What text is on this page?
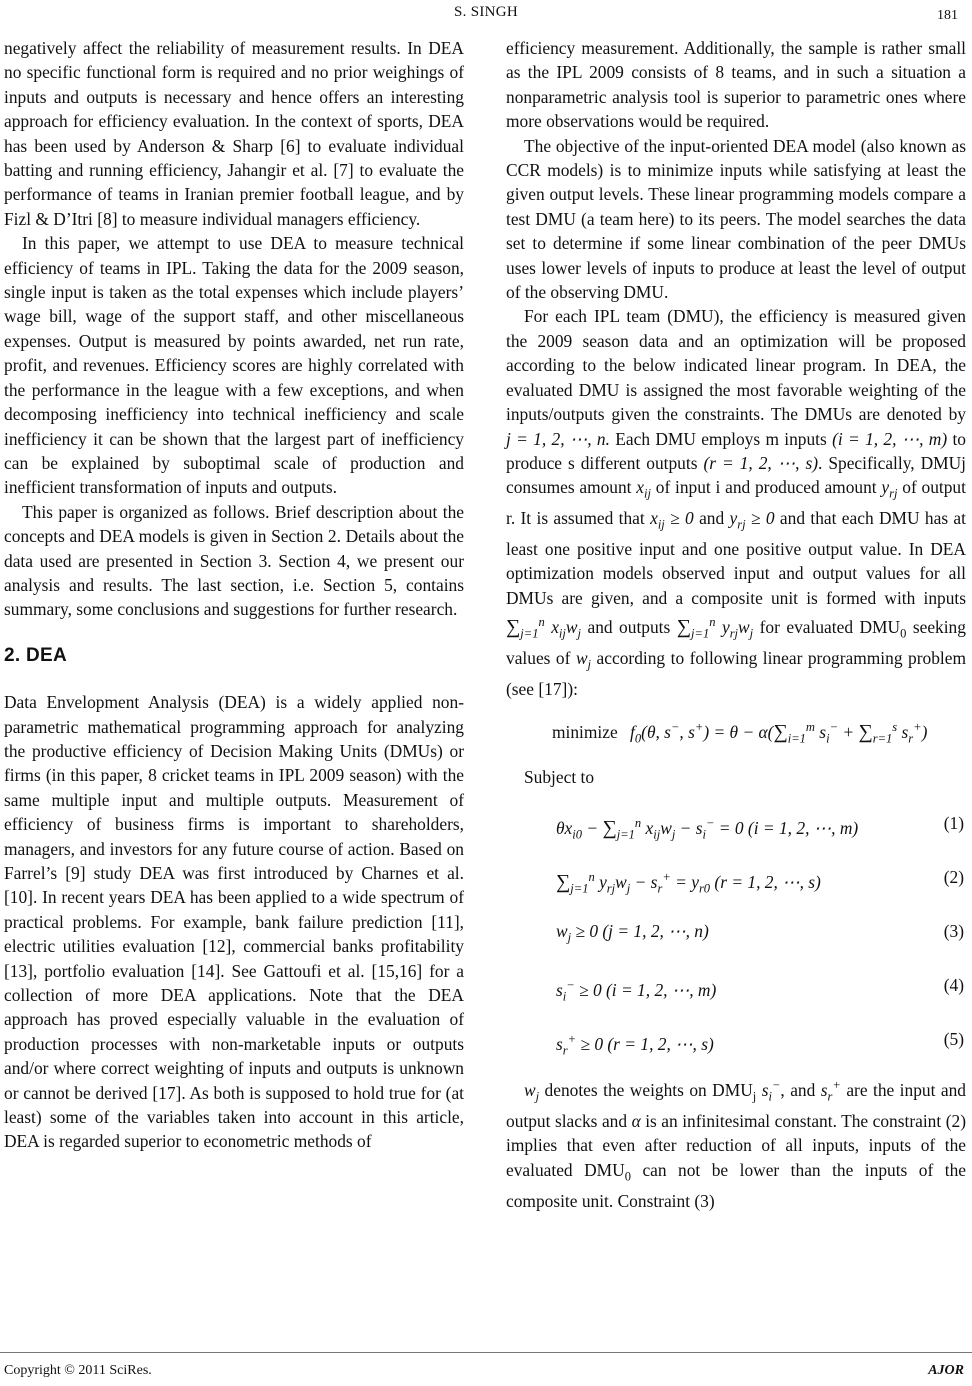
S. SINGH	181

negatively affect the reliability of measurement results. In DEA no specific functional form is required and no prior weighings of inputs and outputs is necessary and hence offers an interesting approach for efficiency evaluation. In the context of sports, DEA has been used by Anderson & Sharp [6] to evaluate individual batting and running efficiency, Jahangir et al. [7] to evaluate the performance of teams in Iranian premier football league, and by Fizl & D’Itri [8] to measure individual managers efficiency.

In this paper, we attempt to use DEA to measure technical efficiency of teams in IPL. Taking the data for the 2009 season, single input is taken as the total expenses which include players’ wage bill, wage of the support staff, and other miscellaneous expenses. Output is measured by points awarded, net run rate, profit, and revenues. Efficiency scores are highly correlated with the performance in the league with a few exceptions, and when decomposing inefficiency into technical inefficiency and scale inefficiency it can be shown that the largest part of inefficiency can be explained by suboptimal scale of production and inefficient transformation of inputs and outputs.

This paper is organized as follows. Brief description about the concepts and DEA models is given in Section 2. Details about the data used are presented in Section 3. Section 4, we present our analysis and results. The last section, i.e. Section 5, contains summary, some conclusions and suggestions for further research.

2. DEA

Data Envelopment Analysis (DEA) is a widely applied non-parametric mathematical programming approach for analyzing the productive efficiency of Decision Making Units (DMUs) or firms (in this paper, 8 cricket teams in IPL 2009 season) with the same multiple input and multiple outputs. Measurement of efficiency of business firms is important to shareholders, managers, and investors for any future course of action. Based on Farrel’s [9] study DEA was first introduced by Charnes et al. [10]. In recent years DEA has been applied to a wide spectrum of practical problems. For example, bank failure prediction [11], electric utilities evaluation [12], commercial banks profitability [13], portfolio evaluation [14]. See Gattoufi et al. [15,16] for a collection of more DEA applications. Note that the DEA approach has proved especially valuable in the evaluation of production processes with non-marketable inputs or outputs and/or where correct weighting of inputs and outputs is unknown or cannot be derived [17]. As both is supposed to hold true for (at least) some of the variables taken into account in this article, DEA is regarded superior to econometric methods of

efficiency measurement. Additionally, the sample is rather small as the IPL 2009 consists of 8 teams, and in such a situation a nonparametric analysis tool is superior to parametric ones where more observations would be required.

The objective of the input-oriented DEA model (also known as CCR models) is to minimize inputs while satisfying at least the given output levels. These linear programming models compare a test DMU (a team here) to its peers. The model searches the data set to determine if some linear combination of the peer DMUs uses lower levels of inputs to produce at least the level of output of the observing DMU.

For each IPL team (DMU), the efficiency is measured given the 2009 season data and an optimization will be proposed according to the below indicated linear program. In DEA, the evaluated DMU is assigned the most favorable weighting of the inputs/outputs given the constraints. The DMUs are denoted by j = 1, 2, ⋯, n. Each DMU employs m inputs (i = 1, 2, ⋯, m) to produce s different outputs (r = 1, 2, ⋯, s). Specifically, DMUj consumes amount $x_{ij}$ of input i and produced amount $y_{rj}$ of output r. It is assumed that $x_{ij} \ge 0$ and $y_{rj} \ge 0$ and that each DMU has at least one positive input and one positive output value. In DEA optimization models observed input and output values for all DMUs are given, and a composite unit is formed with inputs $\sum_{j=1}^n$ $x_{ij}w_j$ and outputs $\sum_{j=1}^n$ $y_{rj}w_j$ for evaluated $DMU_0$ seeking values of $w_j$ according to following linear programming problem (see [17]):

minimize $f_0(\theta$, s−, $s^+) = \theta - \alpha(\sum_{i=1}^m$ $s_i^- + \sum_{r=1}^s$ $s_r^+$)
Subject to
$\theta x_{i0} - \sum_{j=1}^n$ $x_{ij}w_j - s_i^- = 0$ (i = 1, 2, ⋯, m)	(1)
$\sum_{j=1}^n$ $y_{rj}w_j - s_r^+ = y_{r0}$ (r = 1, 2, ⋯, s)	(2)
$w_j \ge 0$ (j = 1, 2, ⋯, n)	(3)
$s_i^- \ge 0$ (i = 1, 2, ⋯, m)	(4)
$s_r^+ \ge 0$ (r = 1, 2, ⋯, s)	(5)

$w_j$ denotes the weights on $DMU_j$ $s_i^-$, and $s_r^+$ are the input and output slacks and α is an infinitesimal constant. The constraint (2) implies that even after reduction of all inputs, inputs of the evaluated $DMU_0$ can not be lower than the inputs of the composite unit. Constraint (3)

Copyright © 2011 SciRes.	AJOR
